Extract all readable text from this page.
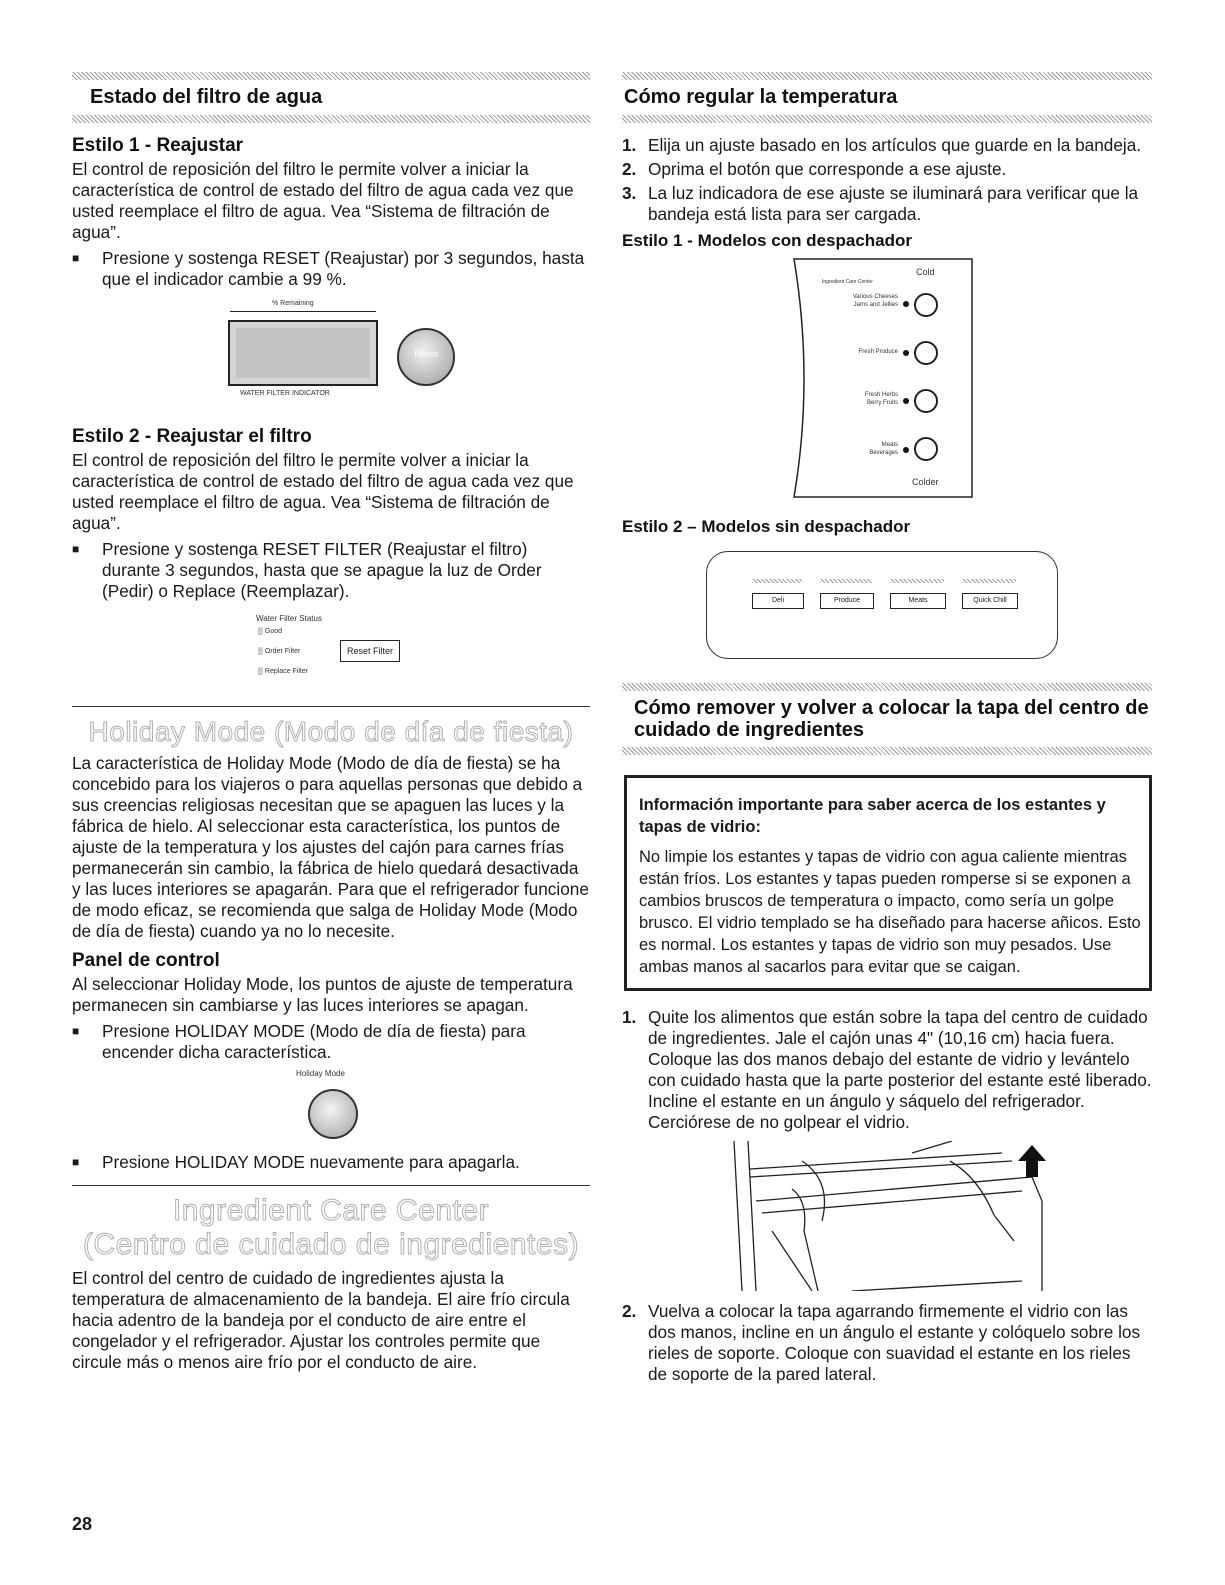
Estado del filtro de agua
Estilo 1 - Reajustar

El control de reposición del filtro le permite volver a iniciar la característica de control de estado del filtro de agua cada vez que usted reemplace el filtro de agua. Vea “Sistema de filtración de agua”.

■	Presione y sostenga RESET (Reajustar) por 3 segundos, hasta que el indicador cambie a 99 %.
% Remaining
Reset
WATER FILTER INDICATOR
Estilo 2 - Reajustar el filtro

El control de reposición del filtro le permite volver a iniciar la característica de control de estado del filtro de agua cada vez que usted reemplace el filtro de agua. Vea “Sistema de filtración de agua”.

■	Presione y sostenga RESET FILTER (Reajustar el filtro) durante 3 segundos, hasta que se apague la luz de Order (Pedir) o Replace (Reemplazar).
Water Filter Status
▒ Good
▒ Order Filter
▒ Replace Filter
Reset Filter
Holiday Mode (Modo de día de fiesta)

La característica de Holiday Mode (Modo de día de fiesta) se ha concebido para los viajeros o para aquellas personas que debido a sus creencias religiosas necesitan que se apaguen las luces y la fábrica de hielo. Al seleccionar esta característica, los puntos de ajuste de la temperatura y los ajustes del cajón para carnes frías permanecerán sin cambio, la fábrica de hielo quedará desactivada y las luces interiores se apagarán. Para que el refrigerador funcione de modo eficaz, se recomienda que salga de Holiday Mode (Modo de día de fiesta) cuando ya no lo necesite.

Panel de control

Al seleccionar Holiday Mode, los puntos de ajuste de temperatura permanecen sin cambiarse y las luces interiores se apagan.

■	Presione HOLIDAY MODE (Modo de día de fiesta) para encender dicha característica.
Holiday Mode
■	Presione HOLIDAY MODE nuevamente para apagarla.
Ingredient Care Center
(Centro de cuidado de ingredientes)

El control del centro de cuidado de ingredientes ajusta la temperatura de almacenamiento de la bandeja. El aire frío circula hacia adentro de la bandeja por el conducto de aire entre el congelador y el refrigerador. Ajustar los controles permite que circule más o menos aire frío por el conducto de aire.

Cómo regular la temperatura
1. Elija un ajuste basado en los artículos que guarde en la bandeja.
2. Oprima el botón que corresponde a ese ajuste.
3. La luz indicadora de ese ajuste se iluminará para verificar que la bandeja está lista para ser cargada.
Estilo 1 - Modelos con despachador
Ingredient Care Center
Cold
Various Cheeses
Jams and Jellies
Fresh Produce
Fresh Herbs
Berry Fruits
Meats
Beverages
Colder
Estilo 2 – Modelos sin despachador
Deli	Produce	Meats	Quick Chill
Cómo remover y volver a colocar la tapa del centro de cuidado de ingredientes
Información importante para saber acerca de los estantes y tapas de vidrio:

No limpie los estantes y tapas de vidrio con agua caliente mientras están fríos. Los estantes y tapas pueden romperse si se exponen a cambios bruscos de temperatura o impacto, como sería un golpe brusco. El vidrio templado se ha diseñado para hacerse añicos. Esto es normal. Los estantes y tapas de vidrio son muy pesados. Use ambas manos al sacarlos para evitar que se caigan.

1. Quite los alimentos que están sobre la tapa del centro de cuidado de ingredientes. Jale el cajón unas 4" (10,16 cm) hacia fuera. Coloque las dos manos debajo del estante de vidrio y levántelo con cuidado hasta que la parte posterior del estante esté liberado. Incline el estante en un ángulo y sáquelo del refrigerador. Cerciórese de no golpear el vidrio.
2. Vuelva a colocar la tapa agarrando firmemente el vidrio con las dos manos, incline en un ángulo el estante y colóquelo sobre los rieles de soporte. Coloque con suavidad el estante en los rieles de soporte de la pared lateral.
28
